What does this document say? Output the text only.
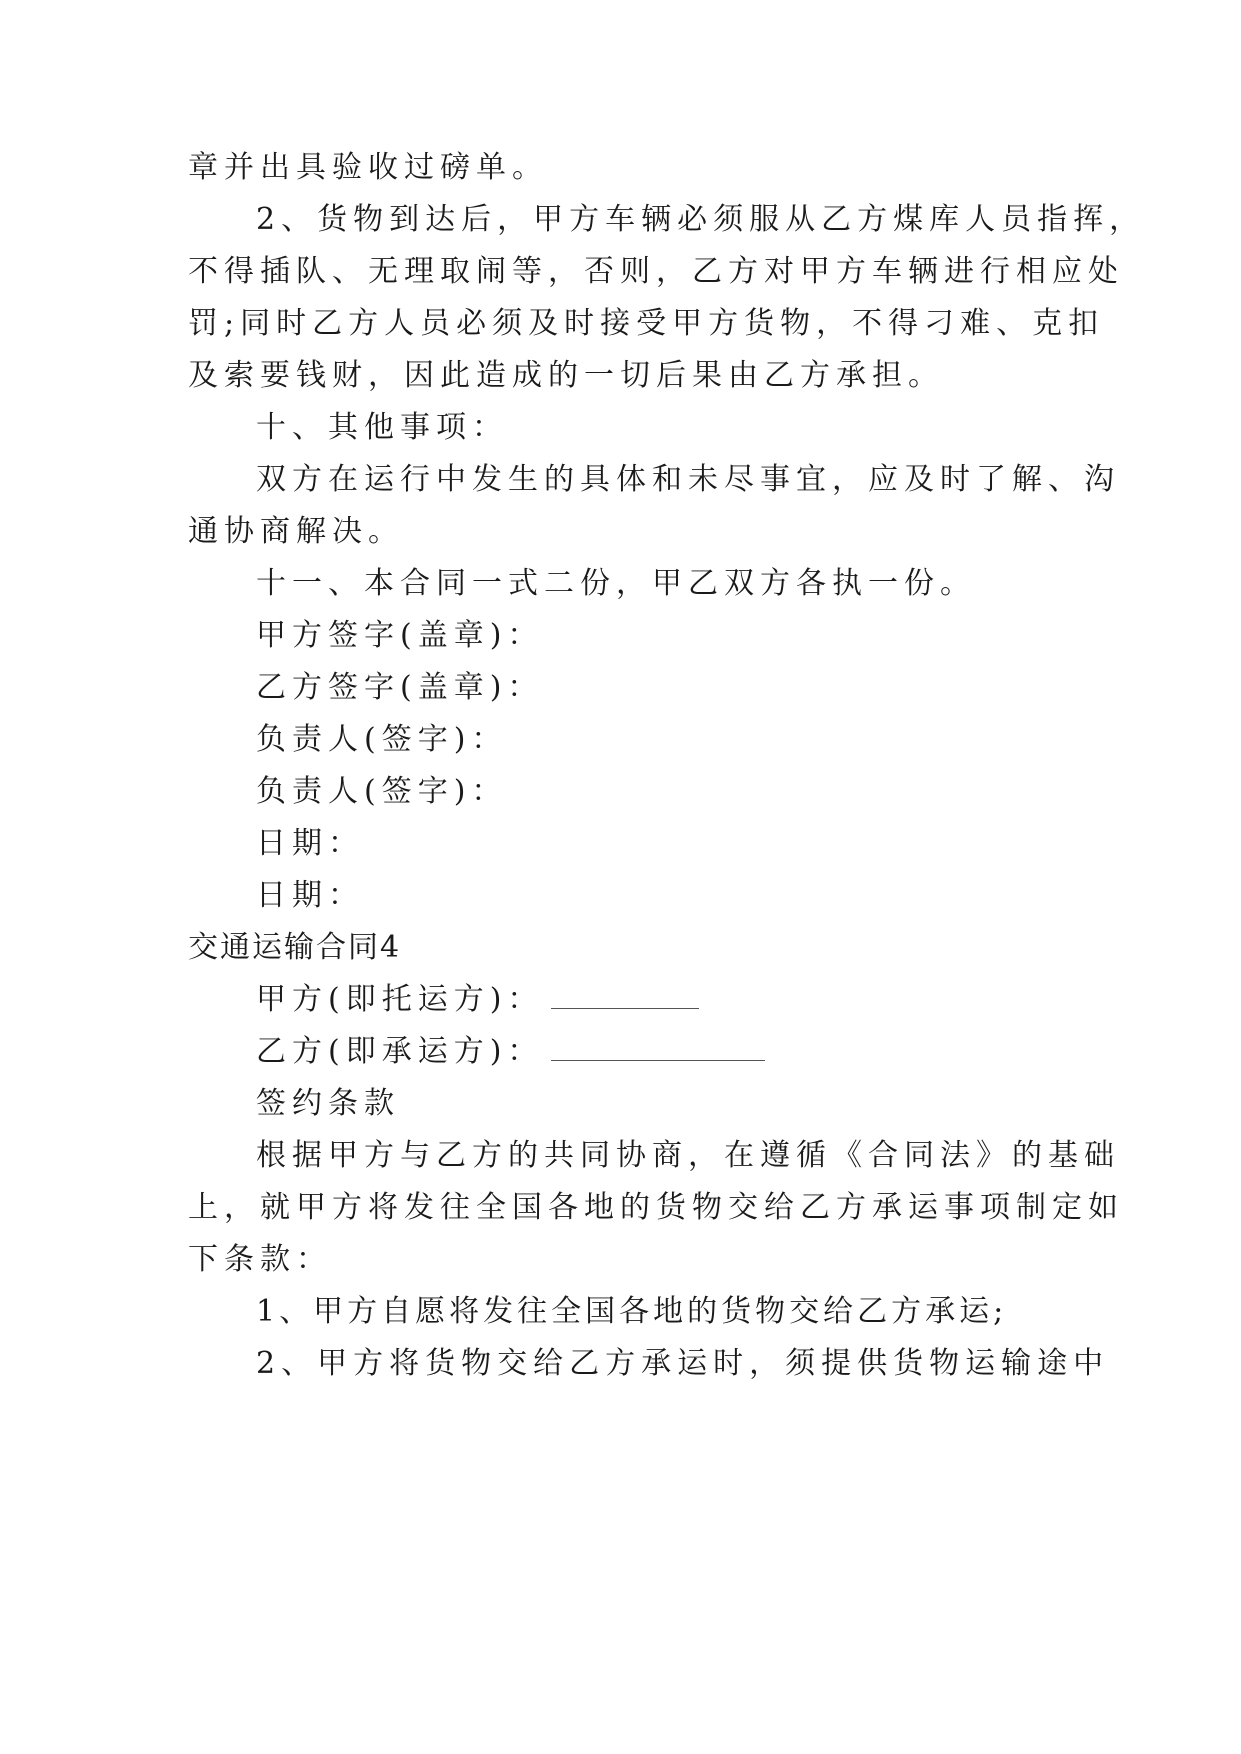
章并出具验收过磅单。
2、货物到达后，甲方车辆必须服从乙方煤库人员指挥，
不得插队、无理取闹等，否则，乙方对甲方车辆进行相应处
罚;同时乙方人员必须及时接受甲方货物，不得刁难、克扣
及索要钱财，因此造成的一切后果由乙方承担。
十、其他事项：
双方在运行中发生的具体和未尽事宜，应及时了解、沟
通协商解决。
十一、本合同一式二份，甲乙双方各执一份。
甲方签字(盖章)：
乙方签字(盖章)：
负责人(签字)：
负责人(签字)：
日期：
日期：
交通运输合同4
甲方(即托运方)：
乙方(即承运方)：
签约条款
根据甲方与乙方的共同协商，在遵循《合同法》的基础
上，就甲方将发往全国各地的货物交给乙方承运事项制定如
下条款：
1、甲方自愿将发往全国各地的货物交给乙方承运;
2、甲方将货物交给乙方承运时，须提供货物运输途中
